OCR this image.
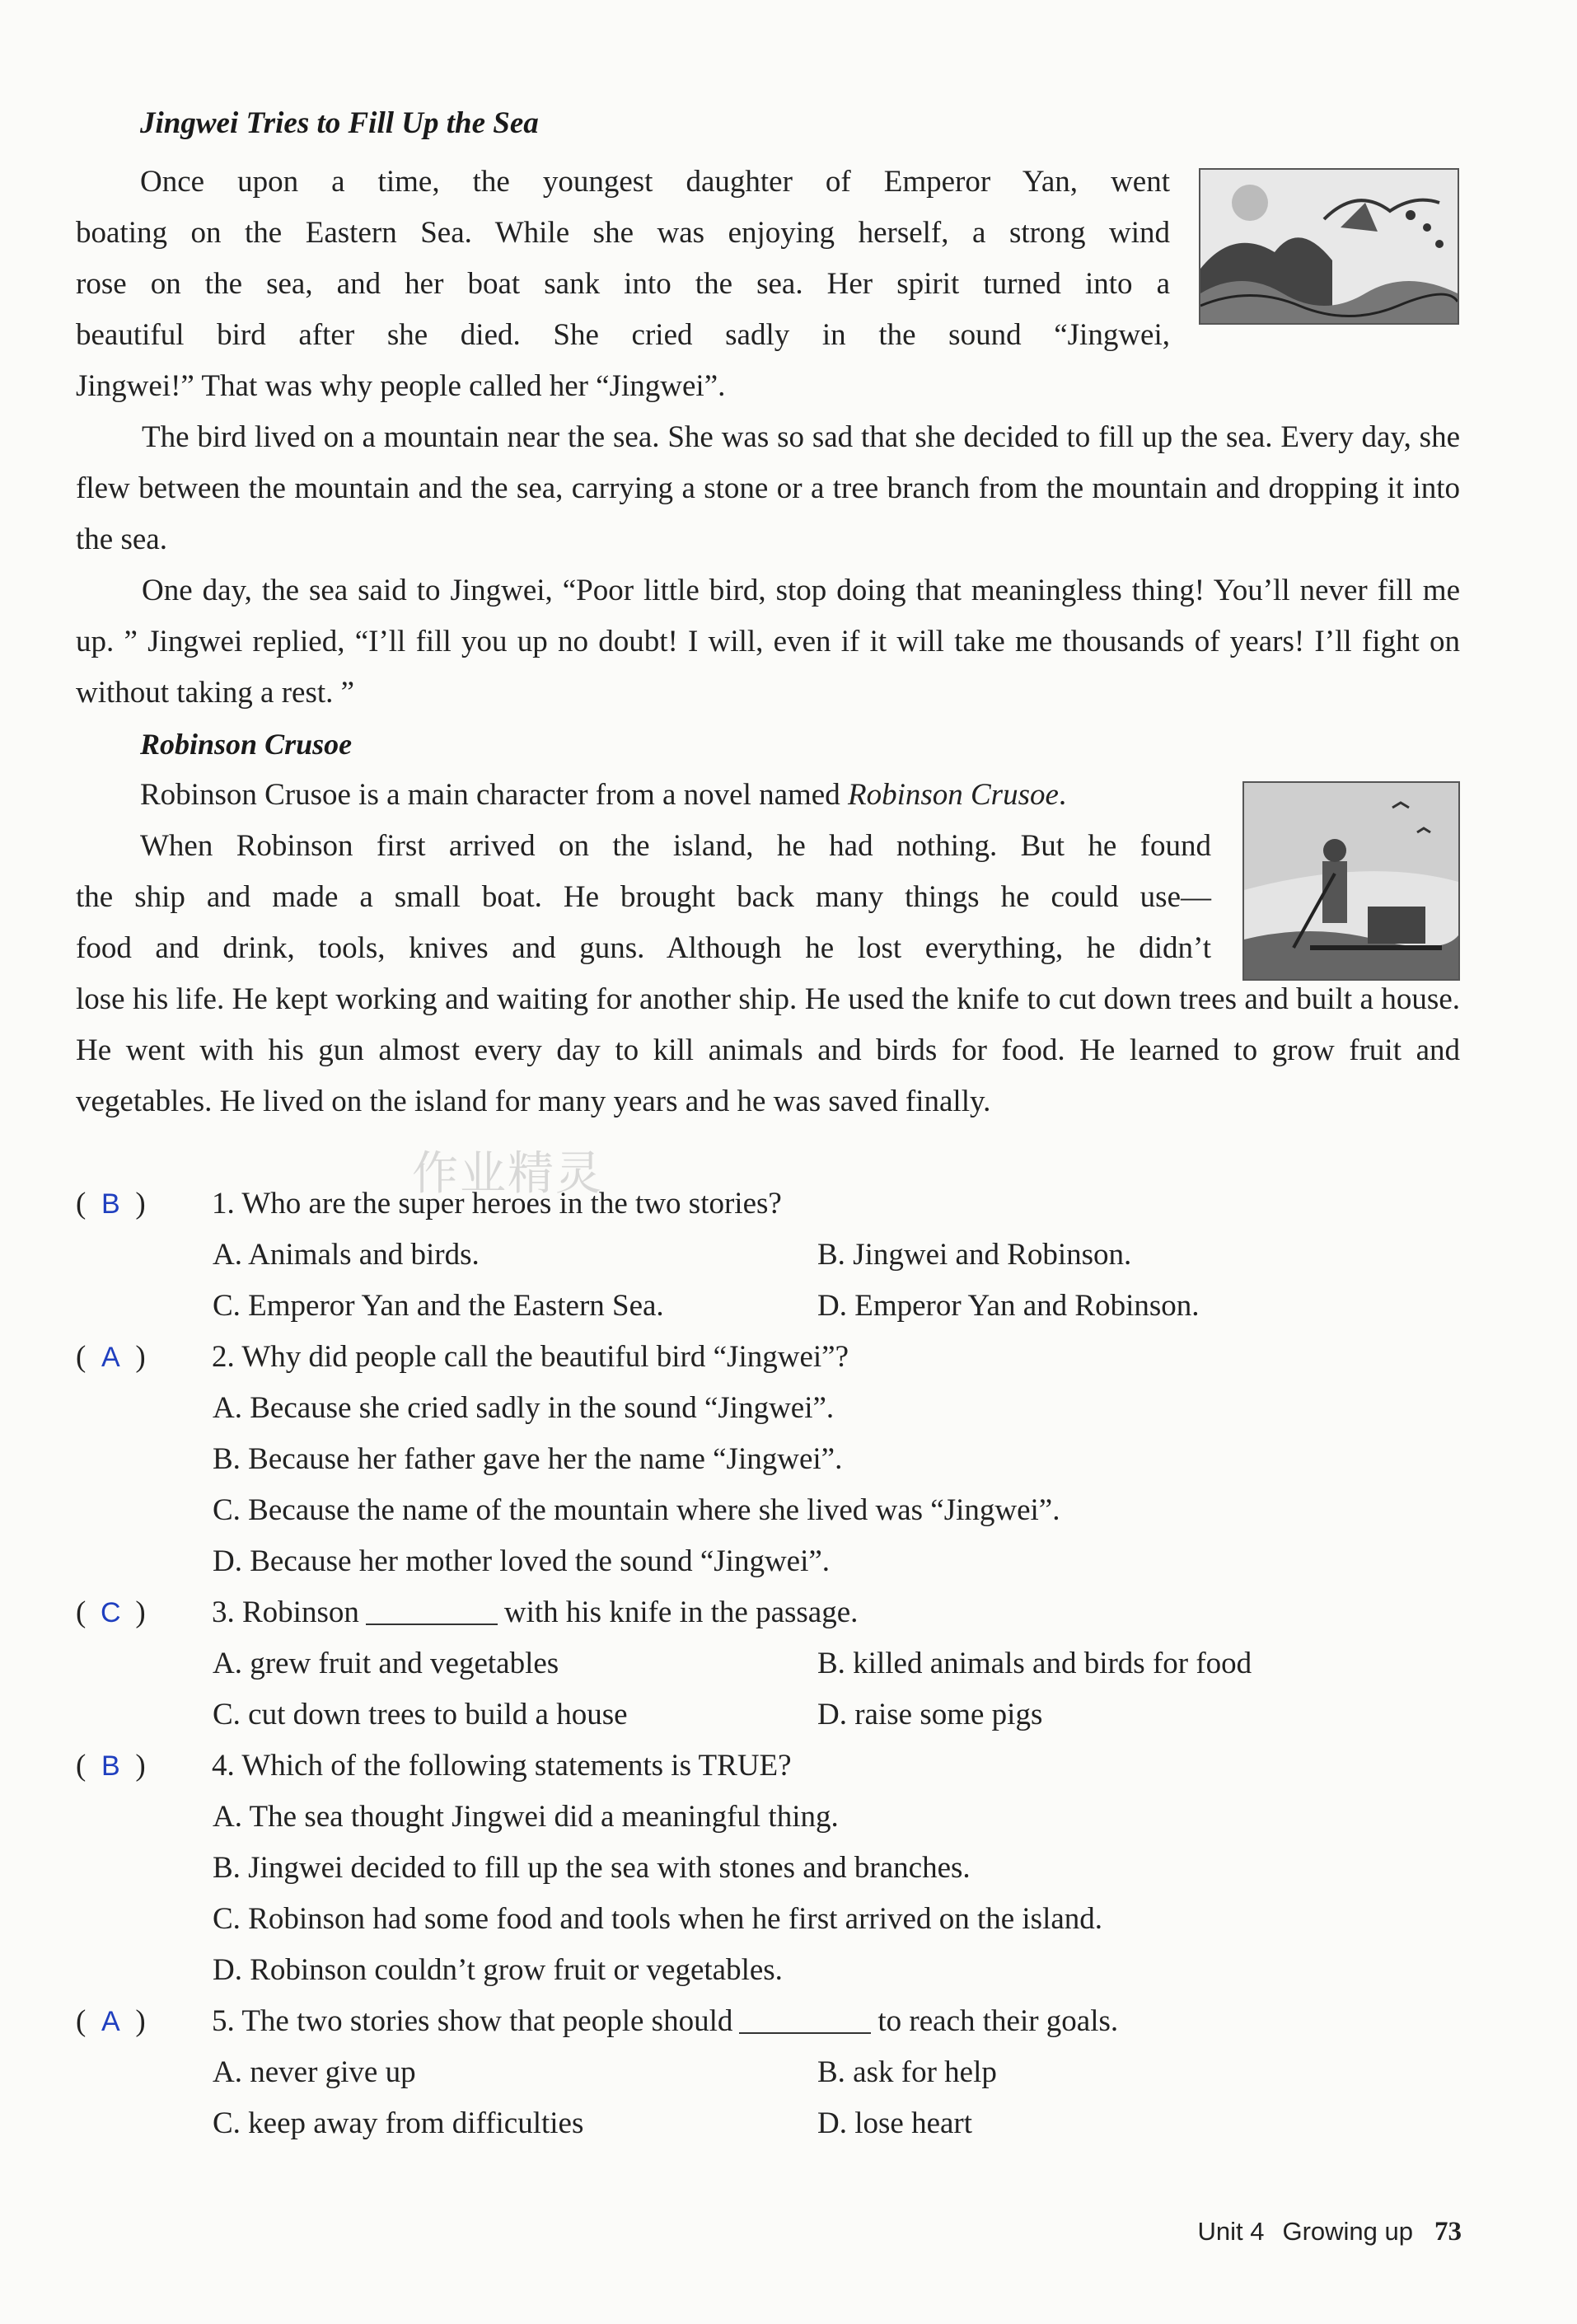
Jingwei Tries to Fill Up the Sea
Once upon a time, the youngest daughter of Emperor Yan, went
boating on the Eastern Sea. While she was enjoying herself, a strong wind
rose on the sea, and her boat sank into the sea. Her spirit turned into a
beautiful bird after she died. She cried sadly in the sound “Jingwei,
Jingwei!” That was why people called her “Jingwei”.

The bird lived on a mountain near the sea. She was so sad that she decided to fill up the sea. Every day, she flew between the mountain and the sea, carrying a stone or a tree branch from the mountain and dropping it into the sea.

One day, the sea said to Jingwei, “Poor little bird, stop doing that meaningless thing! You’ll never fill me up. ” Jingwei replied, “I’ll fill you up no doubt! I will, even if it will take me thousands of years! I’ll fight on without taking a rest. ”

Robinson Crusoe
Robinson Crusoe is a main character from a novel named Robinson Crusoe.
When Robinson first arrived on the island, he had nothing. But he found
the ship and made a small boat. He brought back many things he could use—
food and drink, tools, knives and guns. Although he lost everything, he didn’t

lose his life. He kept working and waiting for another ship. He used the knife to cut down trees and built a house. He went with his gun almost every day to kill animals and birds for food. He learned to grow fruit and vegetables. He lived on the island for many years and he was saved finally.

作业精灵
( B ) 1. Who are the super heroes in the two stories?
A. Animals and birds.	B. Jingwei and Robinson.
C. Emperor Yan and the Eastern Sea.	D. Emperor Yan and Robinson.
( A ) 2. Why did people call the beautiful bird “Jingwei”?
A. Because she cried sadly in the sound “Jingwei”.
B. Because her father gave her the name “Jingwei”.
C. Because the name of the mountain where she lived was “Jingwei”.
D. Because her mother loved the sound “Jingwei”.
( C ) 3. Robinson	with his knife in the passage.
A. grew fruit and vegetables	B. killed animals and birds for food
C. cut down trees to build a house	D. raise some pigs
( B ) 4. Which of the following statements is TRUE?
A. The sea thought Jingwei did a meaningful thing.
B. Jingwei decided to fill up the sea with stones and branches.
C. Robinson had some food and tools when he first arrived on the island.
D. Robinson couldn’t grow fruit or vegetables.
( A ) 5. The two stories show that people should	to reach their goals.
A. never give up	B. ask for help
C. keep away from difficulties	D. lose heart
Unit 4 Growing up 73
